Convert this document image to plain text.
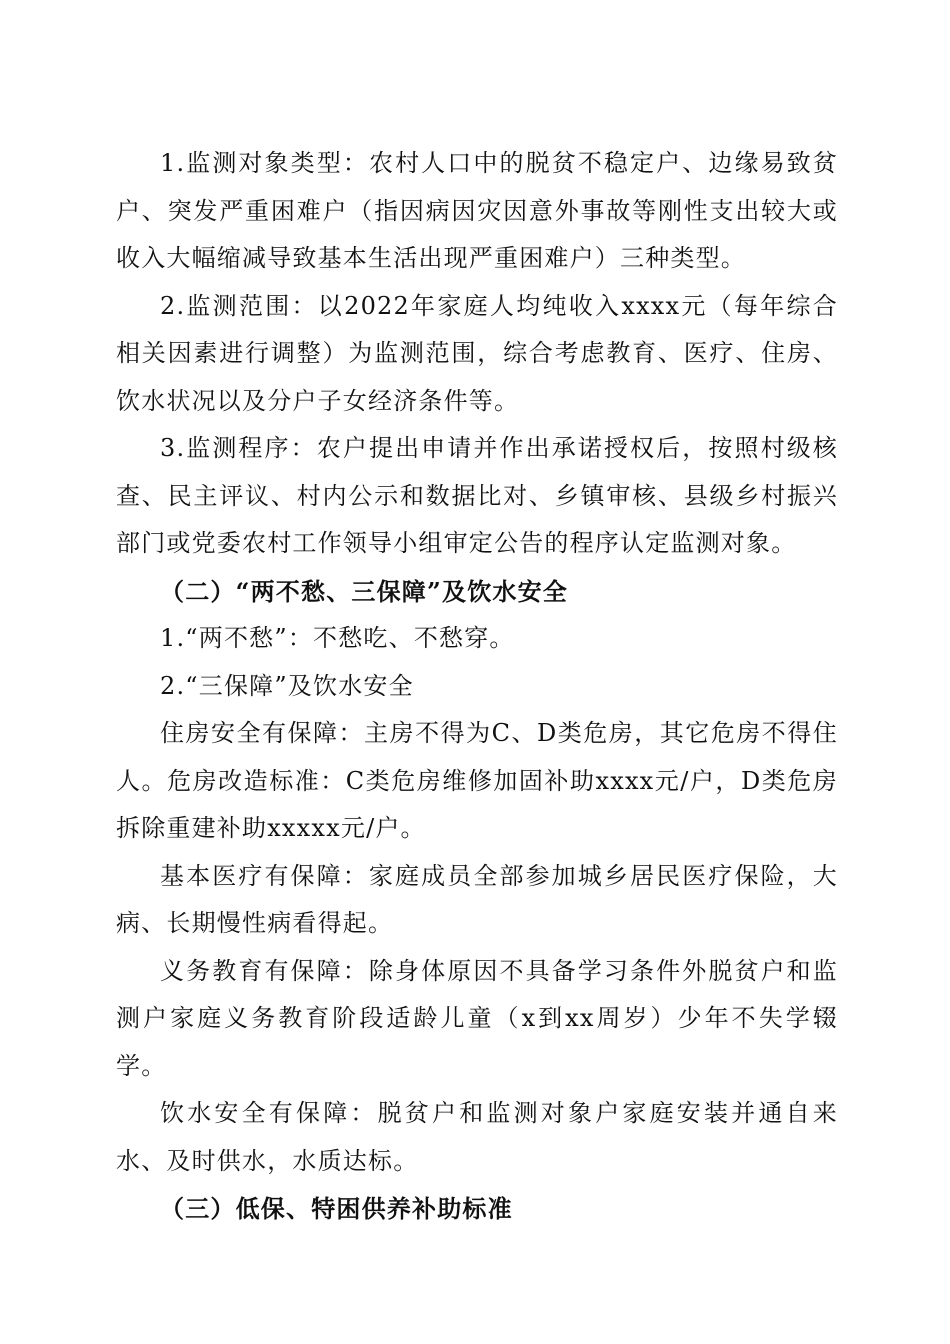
1.监测对象类型：农村人口中的脱贫不稳定户、边缘易致贫户、突发严重困难户（指因病因灾因意外事故等刚性支出较大或收入大幅缩减导致基本生活出现严重困难户）三种类型。

2.监测范围：以2022年家庭人均纯收入xxxx元（每年综合相关因素进行调整）为监测范围，综合考虑教育、医疗、住房、饮水状况以及分户子女经济条件等。

3.监测程序：农户提出申请并作出承诺授权后，按照村级核查、民主评议、村内公示和数据比对、乡镇审核、县级乡村振兴部门或党委农村工作领导小组审定公告的程序认定监测对象。

（二）“两不愁、三保障”及饮水安全

1.“两不愁”：不愁吃、不愁穿。

2.“三保障”及饮水安全

住房安全有保障：主房不得为C、D类危房，其它危房不得住人。危房改造标准：C类危房维修加固补助xxxx元/户，D类危房拆除重建补助xxxxx元/户。

基本医疗有保障：家庭成员全部参加城乡居民医疗保险，大病、长期慢性病看得起。

义务教育有保障：除身体原因不具备学习条件外脱贫户和监测户家庭义务教育阶段适龄儿童（x到xx周岁）少年不失学辍学。

饮水安全有保障：脱贫户和监测对象户家庭安装并通自来水、及时供水，水质达标。

（三）低保、特困供养补助标准
